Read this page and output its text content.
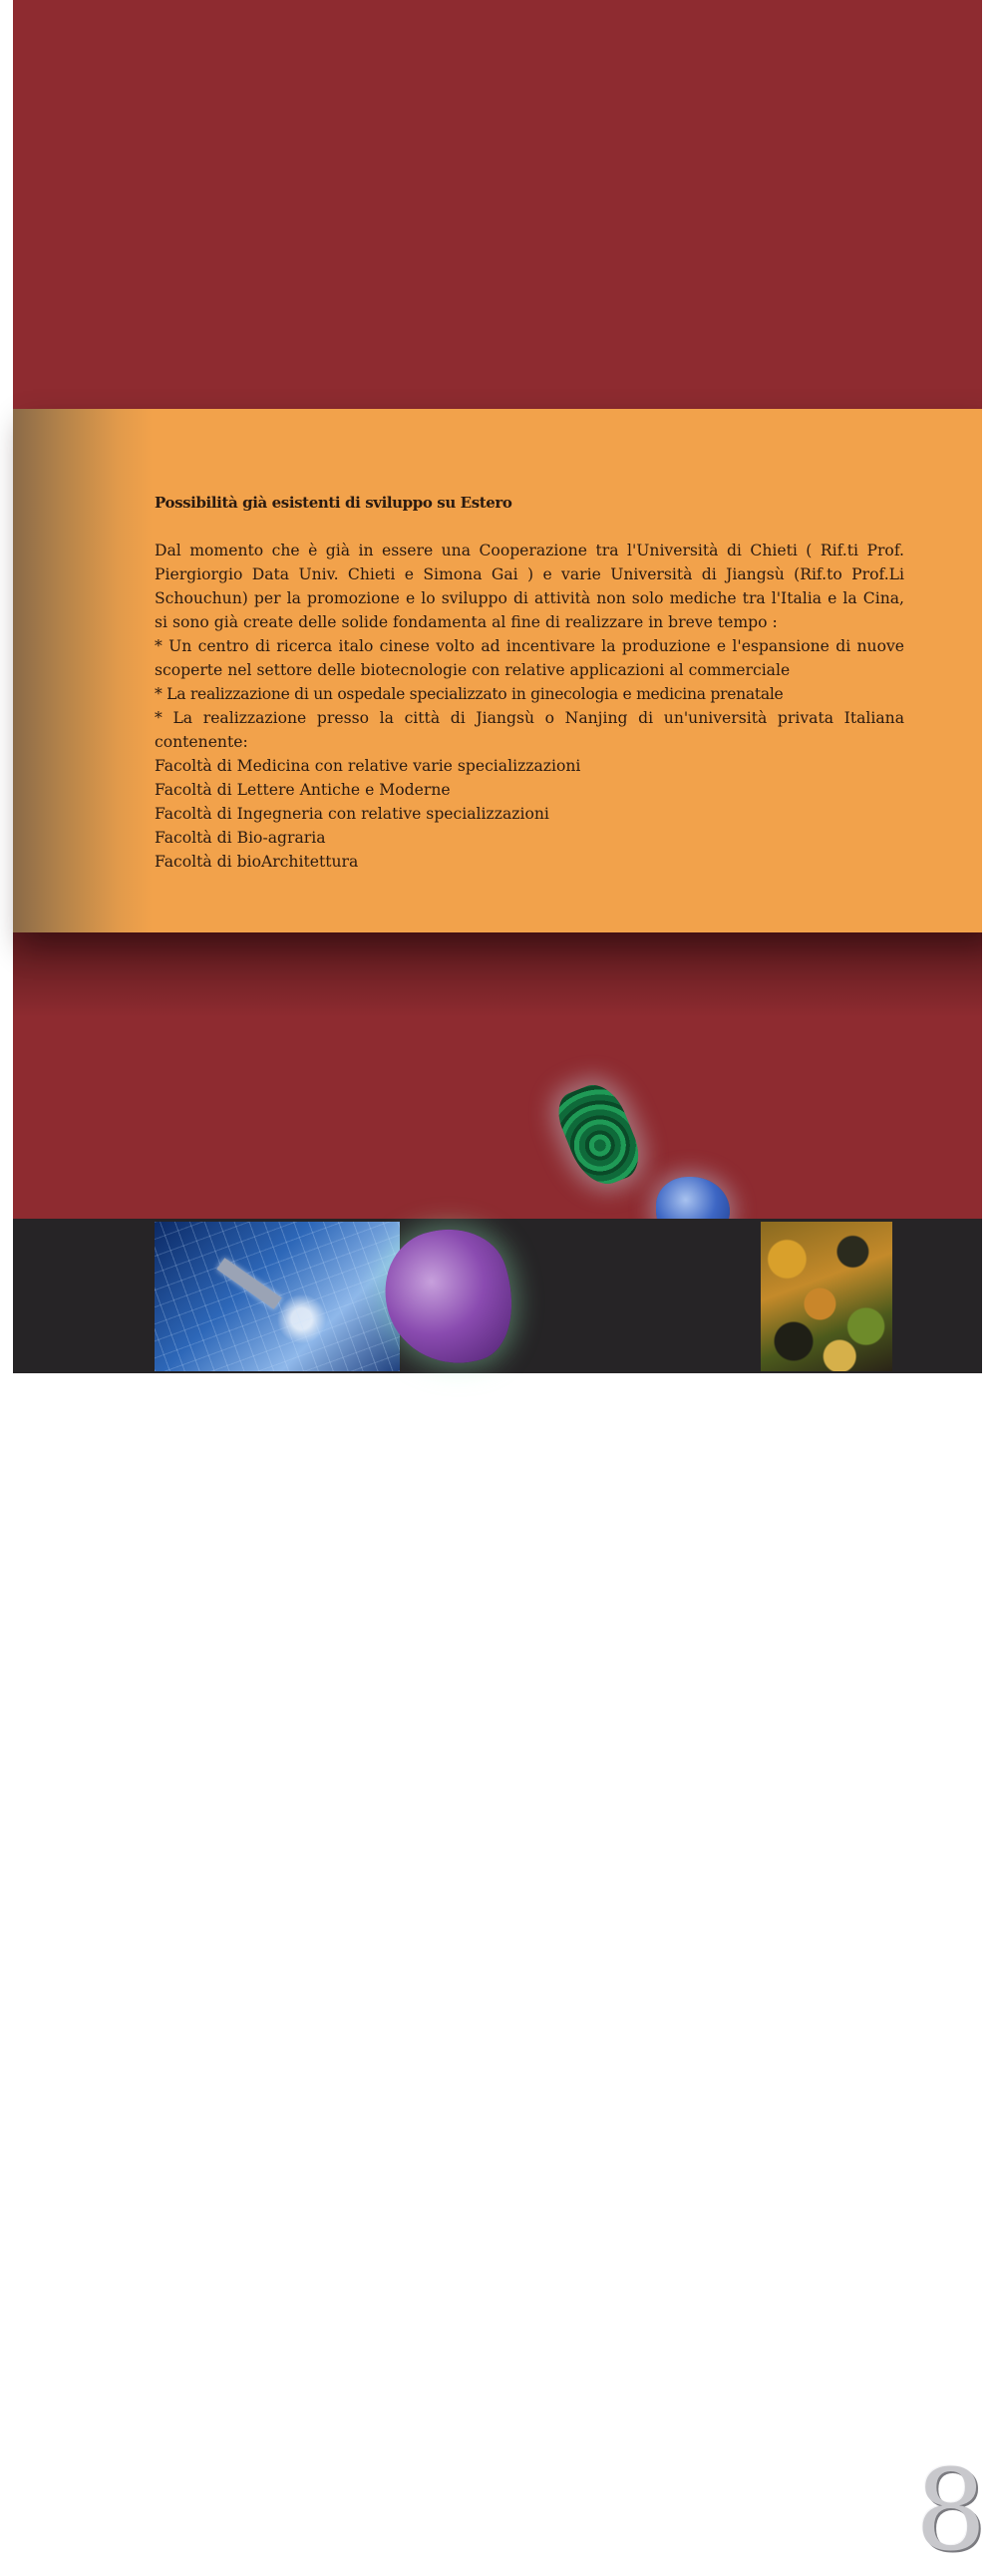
Possibilità già esistenti di sviluppo su Estero

Dal momento che è già in essere una Cooperazione tra l'Università di Chieti ( Rif.ti Prof. Piergiorgio Data Univ. Chieti e Simona Gai ) e varie Università di Jiangsù (Rif.to Prof.Li Schouchun) per la promozione e lo sviluppo di attività non solo mediche tra l'Italia e la Cina, si sono già create delle solide fondamenta al fine di realizzare in breve tempo :

* Un centro di ricerca italo cinese volto ad incentivare la produzione e l'espansione di nuove scoperte nel settore delle biotecnologie con relative applicazioni al commerciale

* La realizzazione di un ospedale specializzato in ginecologia e medicina prenatale

* La realizzazione presso la città di Jiangsù o Nanjing di un'università privata Italiana contenente:

Facoltà di Medicina con relative varie specializzazioni

Facoltà di Lettere Antiche e Moderne

Facoltà di Ingegneria con relative specializzazioni

Facoltà di Bio-agraria

Facoltà di bioArchitettura

8
